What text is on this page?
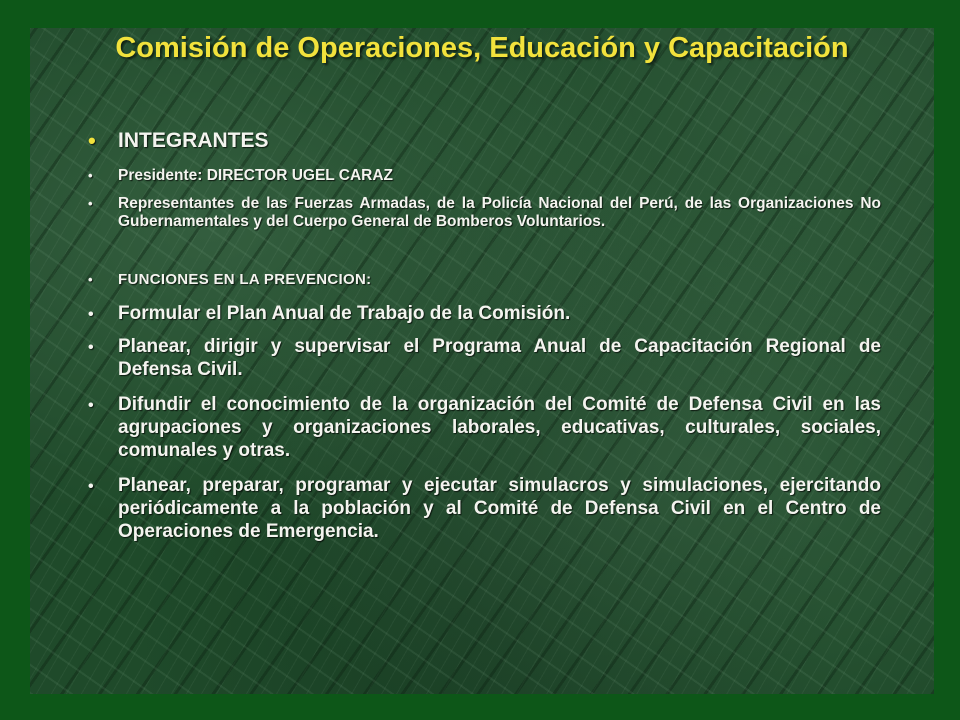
Comisión de Operaciones, Educación y Capacitación
• INTEGRANTES
• Presidente: DIRECTOR UGEL CARAZ
• Representantes de las Fuerzas Armadas, de la Policía Nacional del Perú, de las Organizaciones No Gubernamentales y del Cuerpo General de Bomberos Voluntarios.
• FUNCIONES EN LA PREVENCION:
• Formular el Plan Anual de Trabajo de la Comisión.
• Planear, dirigir y supervisar el Programa Anual de Capacitación Regional de Defensa Civil.
• Difundir el conocimiento de la organización del Comité de Defensa Civil en las agrupaciones y organizaciones laborales, educativas, culturales, sociales, comunales y otras.
• Planear, preparar, programar y ejecutar simulacros y simulaciones, ejercitando periódicamente a la población y al Comité de Defensa Civil en el Centro de Operaciones de Emergencia.
